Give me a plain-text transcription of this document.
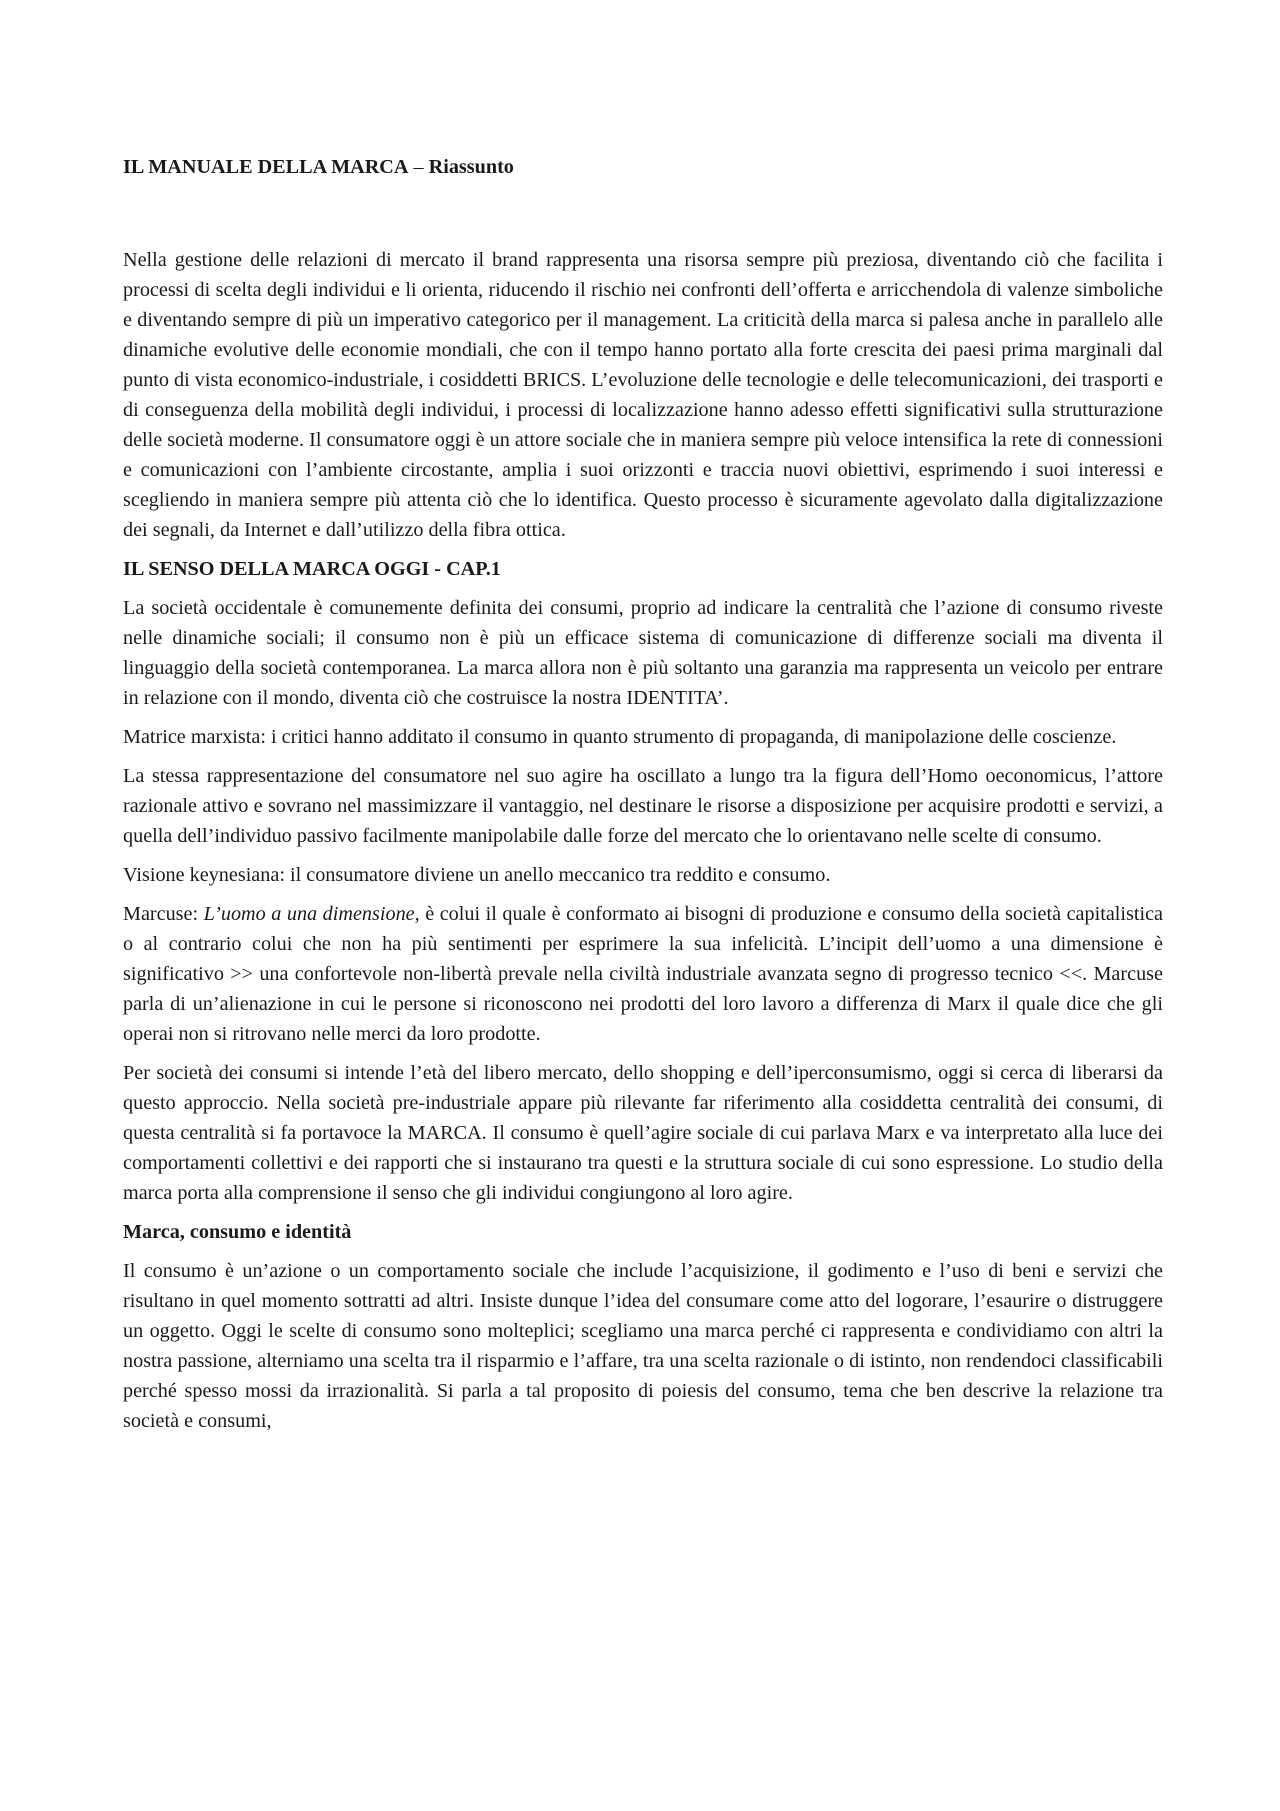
IL MANUALE DELLA MARCA – Riassunto

Nella gestione delle relazioni di mercato il brand rappresenta una risorsa sempre più preziosa, diventando ciò che facilita i processi di scelta degli individui e li orienta, riducendo il rischio nei confronti dell’offerta e arricchendola di valenze simboliche e diventando sempre di più un imperativo categorico per il management. La criticità della marca si palesa anche in parallelo alle dinamiche evolutive delle economie mondiali, che con il tempo hanno portato alla forte crescita dei paesi prima marginali dal punto di vista economico-industriale, i cosiddetti BRICS. L’evoluzione delle tecnologie e delle telecomunicazioni, dei trasporti e di conseguenza della mobilità degli individui, i processi di localizzazione hanno adesso effetti significativi sulla strutturazione delle società moderne. Il consumatore oggi è un attore sociale che in maniera sempre più veloce intensifica la rete di connessioni e comunicazioni con l’ambiente circostante, amplia i suoi orizzonti e traccia nuovi obiettivi, esprimendo i suoi interessi e scegliendo in maniera sempre più attenta ciò che lo identifica. Questo processo è sicuramente agevolato dalla digitalizzazione dei segnali, da Internet e dall’utilizzo della fibra ottica.

IL SENSO DELLA MARCA OGGI - CAP.1

La società occidentale è comunemente definita dei consumi, proprio ad indicare la centralità che l’azione di consumo riveste nelle dinamiche sociali; il consumo non è più un efficace sistema di comunicazione di differenze sociali ma diventa il linguaggio della società contemporanea. La marca allora non è più soltanto una garanzia ma rappresenta un veicolo per entrare in relazione con il mondo, diventa ciò che costruisce la nostra IDENTITA’.

Matrice marxista: i critici hanno additato il consumo in quanto strumento di propaganda, di manipolazione delle coscienze.

La stessa rappresentazione del consumatore nel suo agire ha oscillato a lungo tra la figura dell’Homo oeconomicus, l’attore razionale attivo e sovrano nel massimizzare il vantaggio, nel destinare le risorse a disposizione per acquisire prodotti e servizi, a quella dell’individuo passivo facilmente manipolabile dalle forze del mercato che lo orientavano nelle scelte di consumo.

Visione keynesiana: il consumatore diviene un anello meccanico tra reddito e consumo.

Marcuse: L’uomo a una dimensione, è colui il quale è conformato ai bisogni di produzione e consumo della società capitalistica o al contrario colui che non ha più sentimenti per esprimere la sua infelicità. L’incipit dell’uomo a una dimensione è significativo >> una confortevole non-libertà prevale nella civiltà industriale avanzata segno di progresso tecnico <<. Marcuse parla di un’alienazione in cui le persone si riconoscono nei prodotti del loro lavoro a differenza di Marx il quale dice che gli operai non si ritrovano nelle merci da loro prodotte.

Per società dei consumi si intende l’età del libero mercato, dello shopping e dell’iperconsumismo, oggi si cerca di liberarsi da questo approccio. Nella società pre-industriale appare più rilevante far riferimento alla cosiddetta centralità dei consumi, di questa centralità si fa portavoce la MARCA. Il consumo è quell’agire sociale di cui parlava Marx e va interpretato alla luce dei comportamenti collettivi e dei rapporti che si instaurano tra questi e la struttura sociale di cui sono espressione. Lo studio della marca porta alla comprensione il senso che gli individui congiungono al loro agire.

Marca, consumo e identità

Il consumo è un’azione o un comportamento sociale che include l’acquisizione, il godimento e l’uso di beni e servizi che risultano in quel momento sottratti ad altri. Insiste dunque l’idea del consumare come atto del logorare, l’esaurire o distruggere un oggetto. Oggi le scelte di consumo sono molteplici; scegliamo una marca perché ci rappresenta e condividiamo con altri la nostra passione, alterniamo una scelta tra il risparmio e l’affare, tra una scelta razionale o di istinto, non rendendoci classificabili perché spesso mossi da irrazionalità. Si parla a tal proposito di poiesis del consumo, tema che ben descrive la relazione tra società e consumi,
